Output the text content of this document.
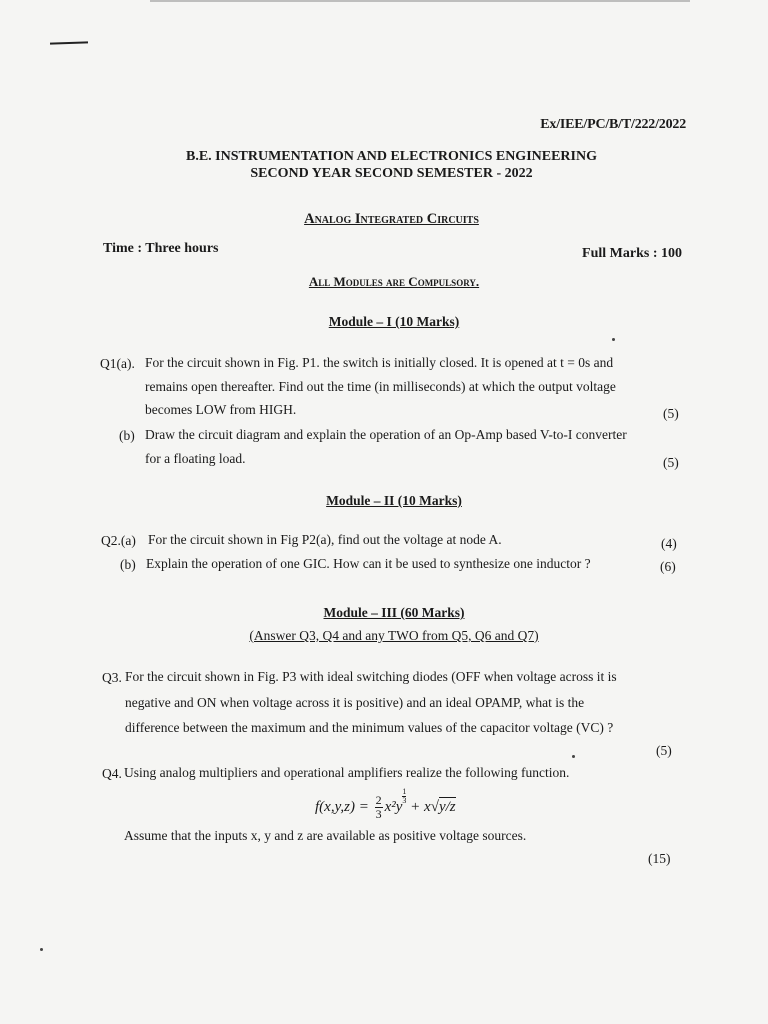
Ex/IEE/PC/B/T/222/2022
B.E. INSTRUMENTATION AND ELECTRONICS ENGINEERING
SECOND YEAR SECOND SEMESTER - 2022
Analog Integrated Circuits
Time : Three hours	Full Marks : 100
All Modules are Compulsory.
Module – I (10 Marks)
Q1(a). For the circuit shown in Fig. P1. the switch is initially closed. It is opened at t = 0s and
remains open thereafter. Find out the time (in milliseconds) at which the output voltage
becomes LOW from HIGH.	(5)
(b) Draw the circuit diagram and explain the operation of an Op-Amp based V-to-I converter
for a floating load.	(5)
Module – II (10 Marks)
Q2.(a) For the circuit shown in Fig P2(a), find out the voltage at node A.	(4)
(b) Explain the operation of one GIC. How can it be used to synthesize one inductor ?	(6)
Module – III (60 Marks)
(Answer Q3, Q4 and any TWO from Q5, Q6 and Q7)
Q3. For the circuit shown in Fig. P3 with ideal switching diodes (OFF when voltage across it is
negative and ON when voltage across it is positive) and an ideal OPAMP, what is the
difference between the maximum and the minimum values of the capacitor voltage (VC) ?
(5)
Q4. Using analog multipliers and operational amplifiers realize the following function.
$f(x,y,z) = \frac{2}{3} x^2y$
$\frac{1}{3}$
+ x√y/z
Assume that the inputs x, y and z are available as positive voltage sources.
(15)
